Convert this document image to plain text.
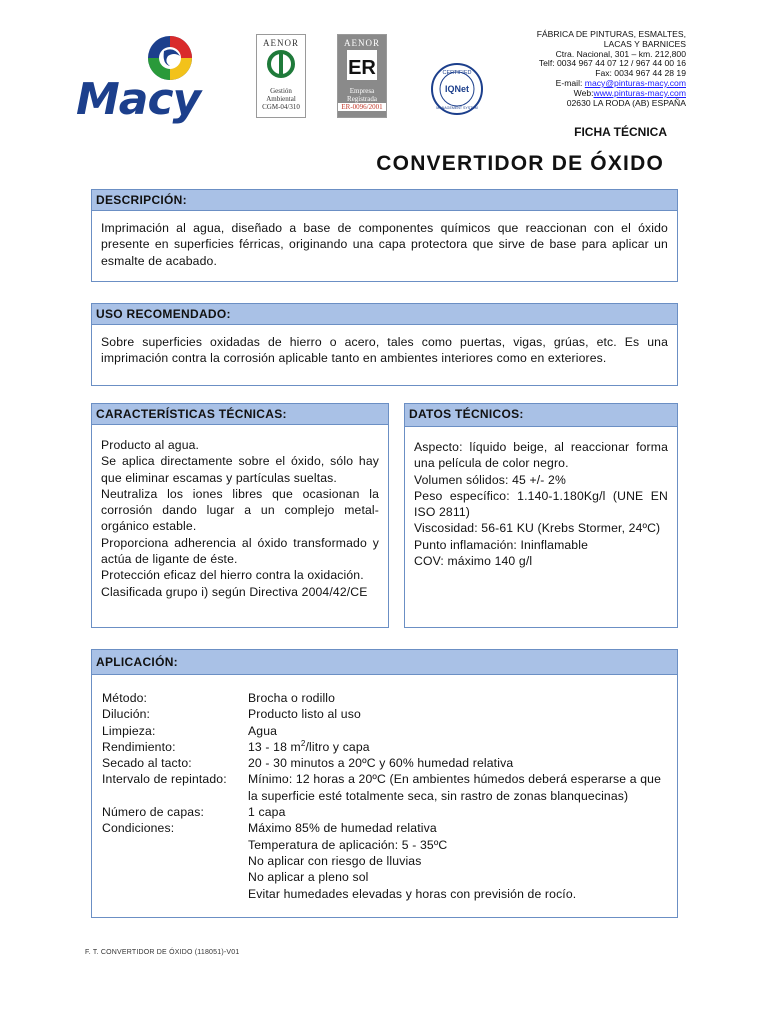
Macy
AENOR
Gestión
Ambiental
CGM-04/310
AENOR
ER
Empresa
Registrada
ER-0096/2001
CERTIFIED
IQNet
MANAGEMENT SYSTEM
FÁBRICA DE PINTURAS, ESMALTES,
LACAS Y BARNICES
Ctra. Nacional, 301 – km. 212,800
Telf: 0034 967 44 07 12 / 967 44 00 16
Fax: 0034 967 44 28 19
E-mail: macy@pinturas-macy.com
Web:www.pinturas-macy.com
02630 LA RODA (AB) ESPAÑA
FICHA TÉCNICA
CONVERTIDOR DE ÓXIDO
DESCRIPCIÓN:
Imprimación al agua, diseñado a base de componentes químicos que reaccionan con el óxido presente en superficies férricas, originando una capa protectora que sirve de base para aplicar un esmalte de acabado.
USO RECOMENDADO:
Sobre superficies oxidadas de hierro o acero, tales como puertas, vigas, grúas, etc. Es una imprimación contra la corrosión aplicable tanto en ambientes interiores como en exteriores.
CARACTERÍSTICAS TÉCNICAS:

Producto al agua.

Se aplica directamente sobre el óxido, sólo hay que eliminar escamas y partículas sueltas.

Neutraliza los iones libres que ocasionan la corrosión dando lugar a un complejo metal-orgánico estable.

Proporciona adherencia al óxido transformado y actúa de ligante de éste.

Protección eficaz del hierro contra la oxidación.

Clasificada grupo i) según Directiva 2004/42/CE

DATOS TÉCNICOS:

Aspecto: líquido beige, al reaccionar forma una película de color negro.

Volumen sólidos: 45 +/- 2%

Peso específico: 1.140-1.180Kg/l (UNE EN ISO 2811)

Viscosidad: 56-61 KU (Krebs Stormer, 24ºC)

Punto inflamación: Ininflamable

COV: máximo 140 g/l

APLICACIÓN:
Método:	Brocha o rodillo
Dilución:	Producto listo al uso
Limpieza:	Agua
Rendimiento:	13 - 18 $m^2$/litro y capa
Secado al tacto:	20 - 30 minutos a 20ºC y 60% humedad relativa
Intervalo de repintado:	Mínimo: 12 horas a 20ºC (En ambientes húmedos deberá esperarse a que la superficie esté totalmente seca, sin rastro de zonas blanquecinas)
Número de capas:	1 capa
Condiciones:	Máximo 85% de humedad relativa
Temperatura de aplicación: 5 - 35ºC
No aplicar con riesgo de lluvias
No aplicar a pleno sol
Evitar humedades elevadas y horas con previsión de rocío.
F. T. CONVERTIDOR DE ÓXIDO (118051)-V01
